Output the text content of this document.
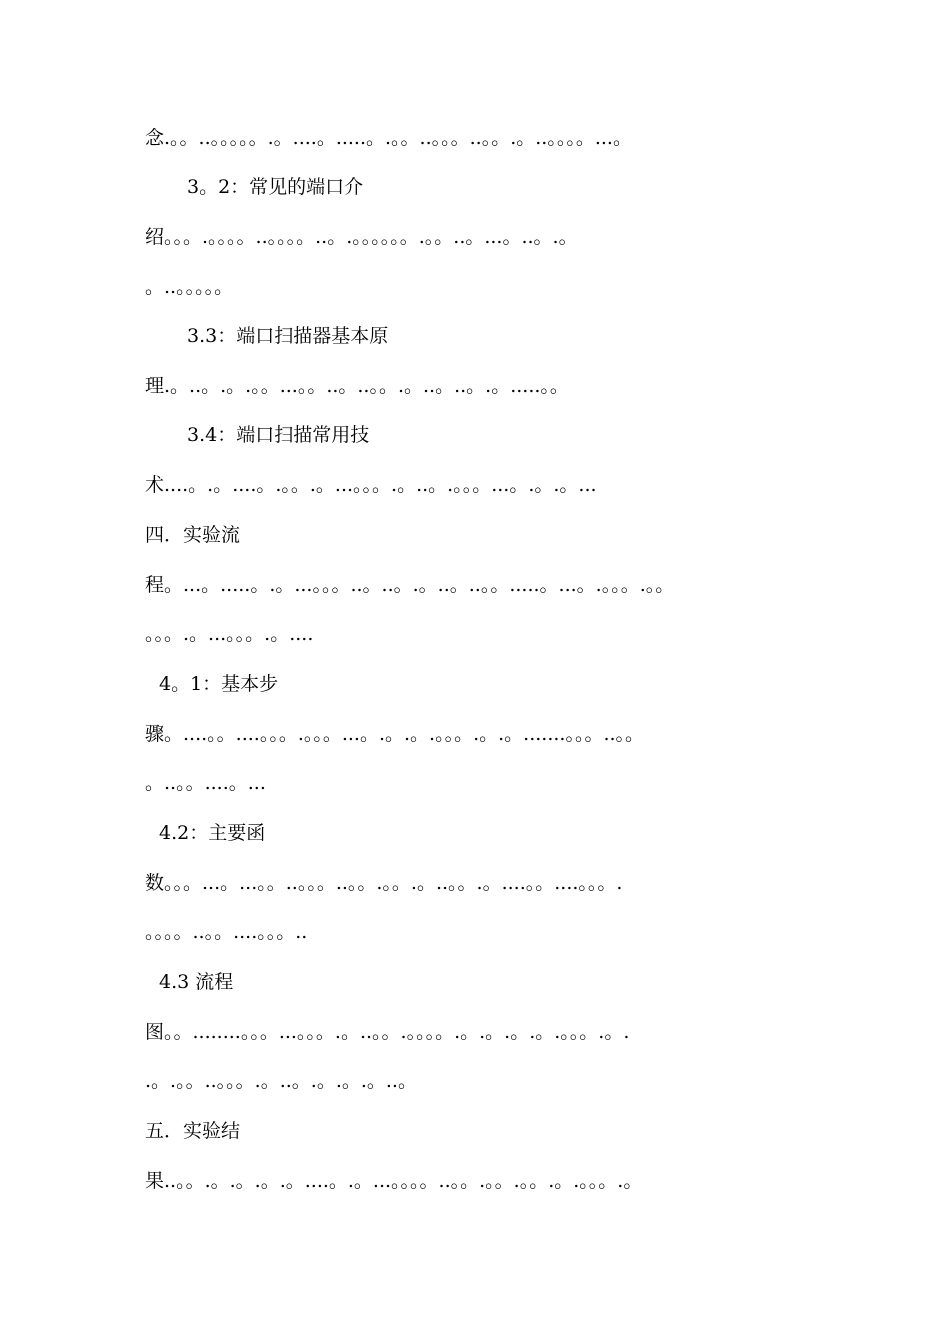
念.。。..。。。。。.。....。.....。.。。..。。。..。。.。..。。。。...。
3。2：常见的端口介
绍。。。.。。。。..。。。。..。.。。。。。。.。。..。...。..。.。
。..。。。。。
3.3：端口扫描器基本原
理.。..。.。.。。...。。..。..。。.。..。..。.。.....。。
3.4：端口扫描常用技
术....。.。....。.。。.。...。。。.。..。.。。。...。.。.。...
四．实验流
程。...。.....。.。...。。。..。..。.。..。..。。.....。...。.。。。.。。
。。。.。...。。。.。....
4。1：基本步
骤。....。。....。。。.。。。...。.。.。.。。。.。.。.......。。。..。。
。..。。....。...
4.2：主要函
数。。。...。...。。..。。。..。。.。。.。..。。.。....。。....。。。.
。。。。..。。....。。。..
4.3 流程
图。。........。。。...。。。.。..。。.。。。。.。.。.。.。.。。。.。.
.。.。。..。。。.。..。.。.。.。..。
五．实验结
果..。。.。.。.。.。....。.。...。。。。..。。.。。.。。.。.。。。.。
